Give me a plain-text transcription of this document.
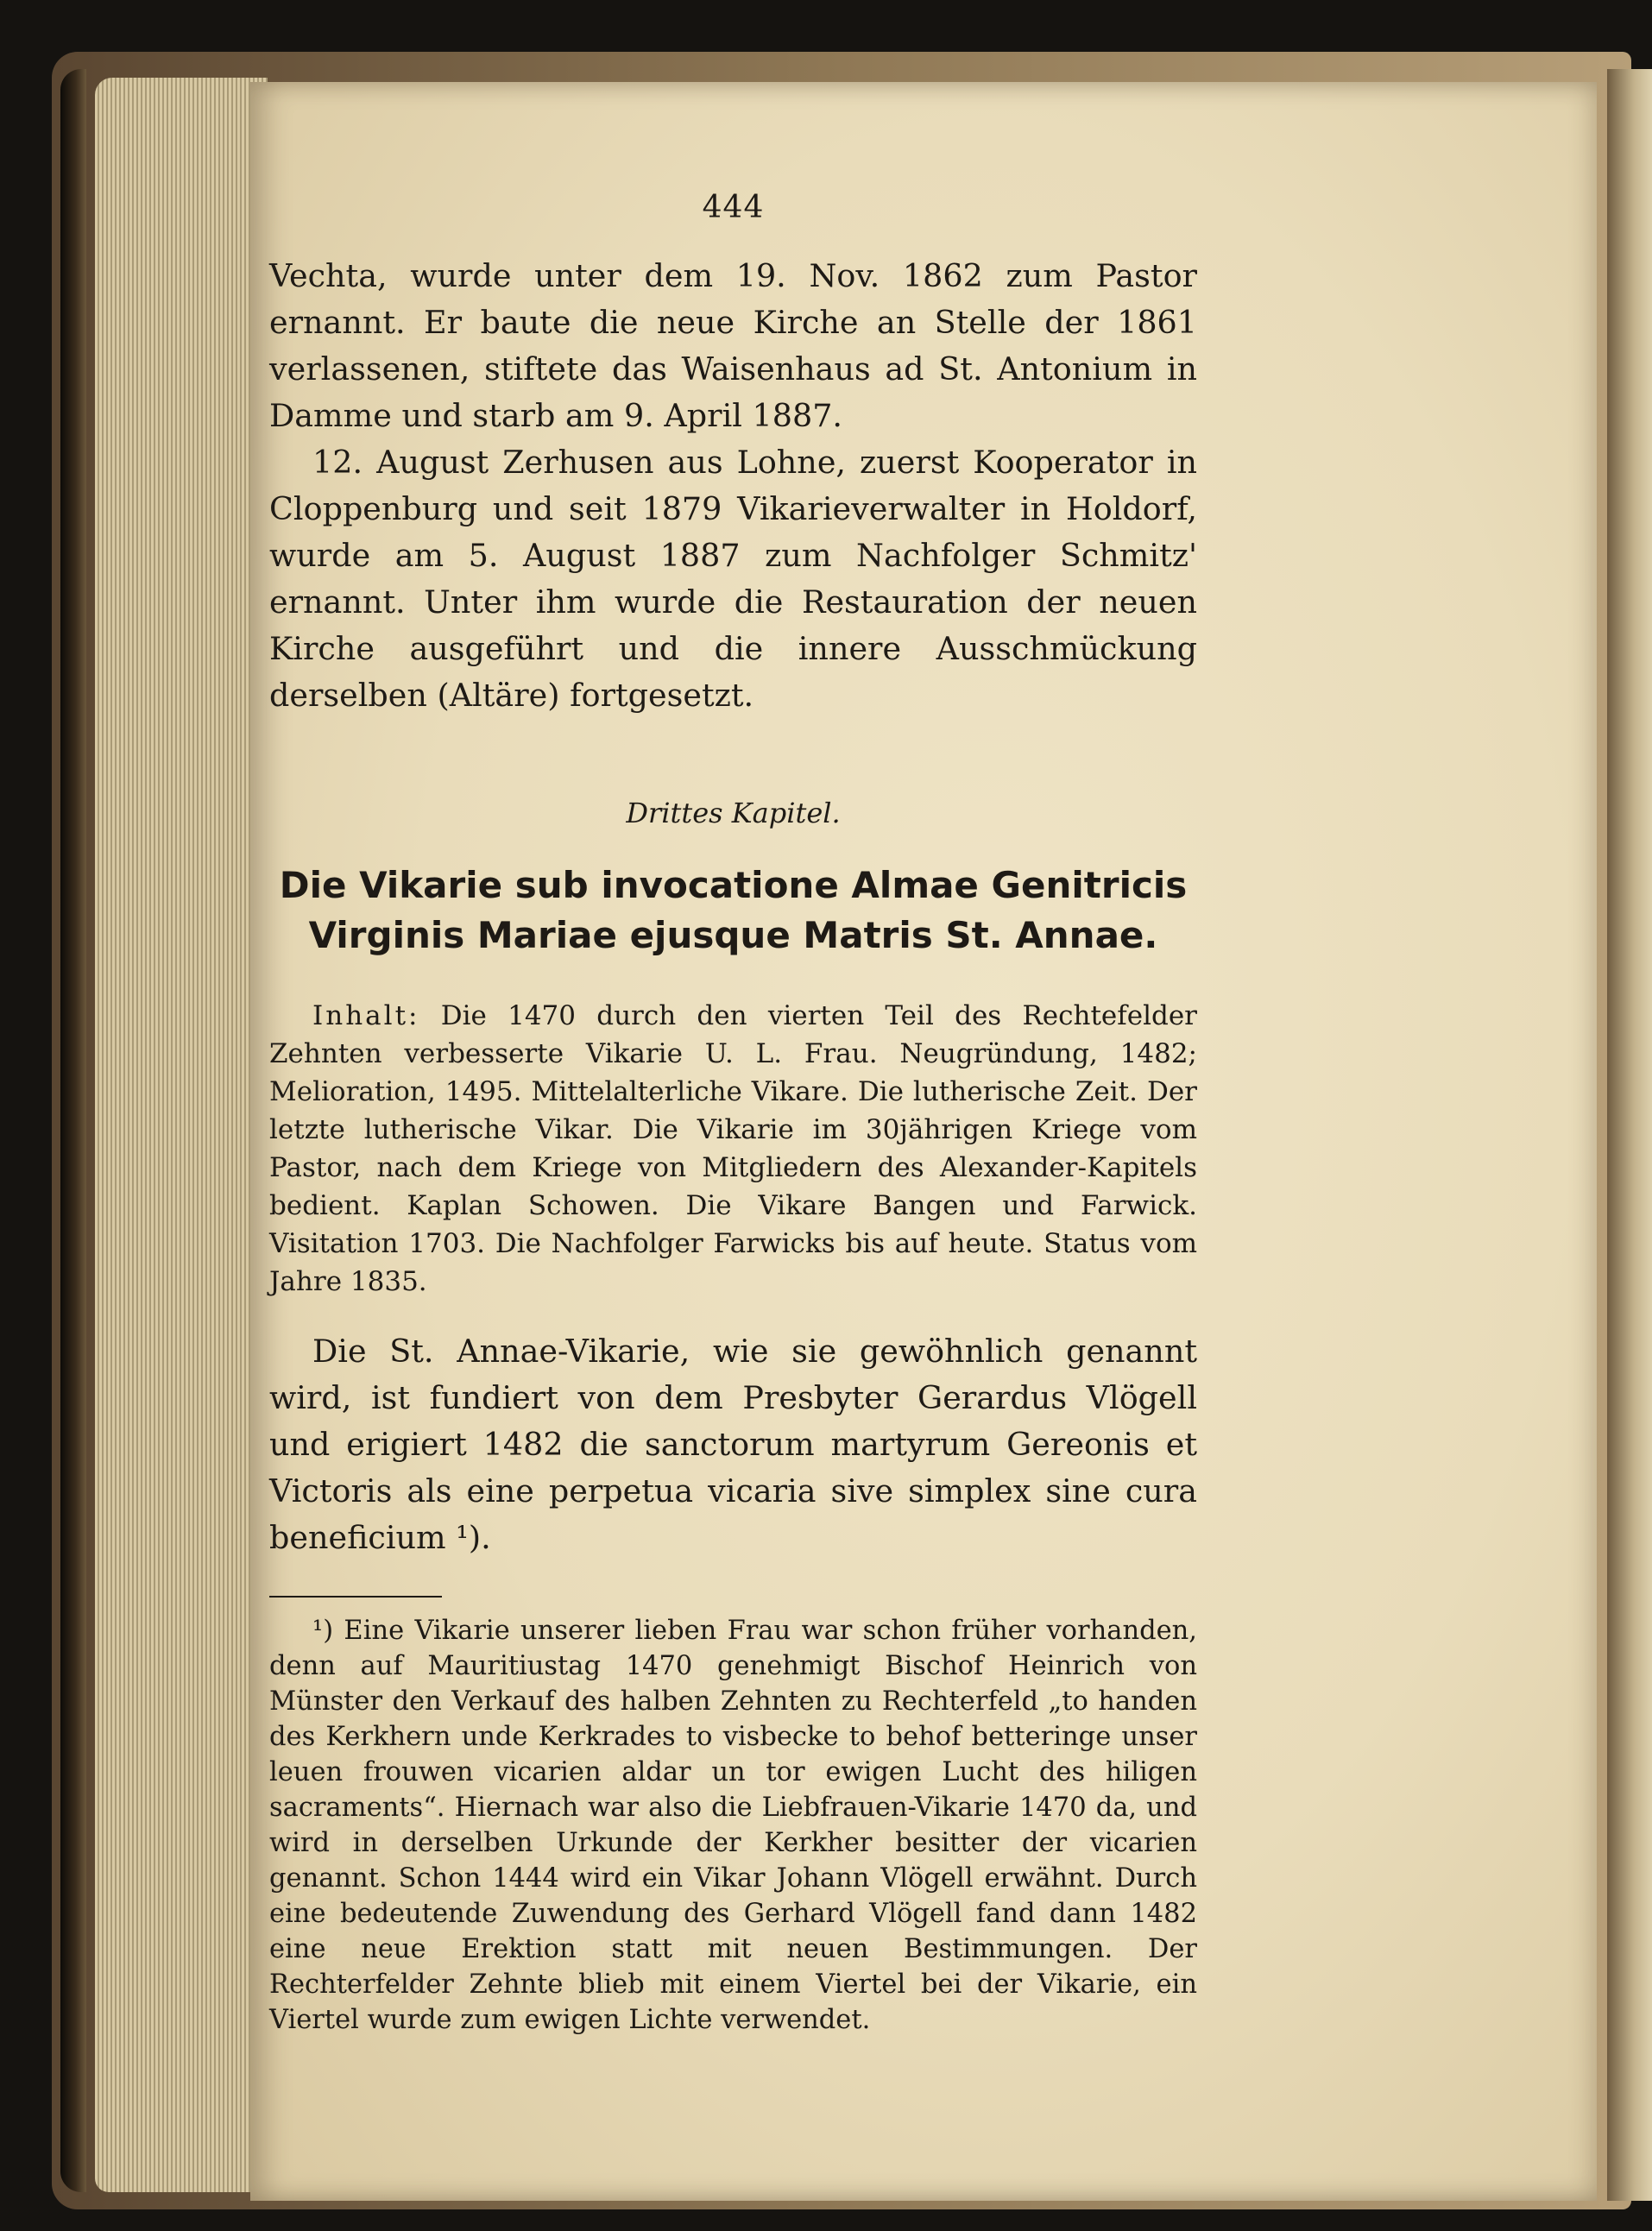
444

Vechta, wurde unter dem 19. Nov. 1862 zum Pastor ernannt. Er baute die neue Kirche an Stelle der 1861 verlassenen, stiftete das Waisenhaus ad St. Antonium in Damme und starb am 9. April 1887.

12. August Zerhusen aus Lohne, zuerst Kooperator in Cloppenburg und seit 1879 Vikarieverwalter in Holdorf, wurde am 5. August 1887 zum Nachfolger Schmitz' ernannt. Unter ihm wurde die Restauration der neuen Kirche ausgeführt und die innere Ausschmückung derselben (Altäre) fortgesetzt.

Drittes Kapitel.
Die Vikarie sub invocatione Almae Genitricis
Virginis Mariae ejusque Matris St. Annae.

Inhalt: Die 1470 durch den vierten Teil des Rechtefelder Zehnten verbesserte Vikarie U. L. Frau. Neugründung, 1482; Melioration, 1495. Mittelalterliche Vikare. Die lutherische Zeit. Der letzte lutherische Vikar. Die Vikarie im 30jährigen Kriege vom Pastor, nach dem Kriege von Mitgliedern des Alexander-Kapitels bedient. Kaplan Schowen. Die Vikare Bangen und Farwick. Visitation 1703. Die Nachfolger Farwicks bis auf heute. Status vom Jahre 1835.

Die St. Annae-Vikarie, wie sie gewöhnlich genannt wird, ist fundiert von dem Presbyter Gerardus Vlögell und erigiert 1482 die sanctorum martyrum Gereonis et Victoris als eine perpetua vicaria sive simplex sine cura beneficium ¹).

¹) Eine Vikarie unserer lieben Frau war schon früher vorhanden, denn auf Mauritiustag 1470 genehmigt Bischof Heinrich von Münster den Verkauf des halben Zehnten zu Rechterfeld „to handen des Kerkhern unde Kerkrades to visbecke to behof betteringe unser leuen frouwen vicarien aldar un tor ewigen Lucht des hiligen sacraments“. Hiernach war also die Liebfrauen-Vikarie 1470 da, und wird in derselben Urkunde der Kerkher besitter der vicarien genannt. Schon 1444 wird ein Vikar Johann Vlögell erwähnt. Durch eine bedeutende Zuwendung des Gerhard Vlögell fand dann 1482 eine neue Erektion statt mit neuen Bestimmungen. Der Rechterfelder Zehnte blieb mit einem Viertel bei der Vikarie, ein Viertel wurde zum ewigen Lichte verwendet.
